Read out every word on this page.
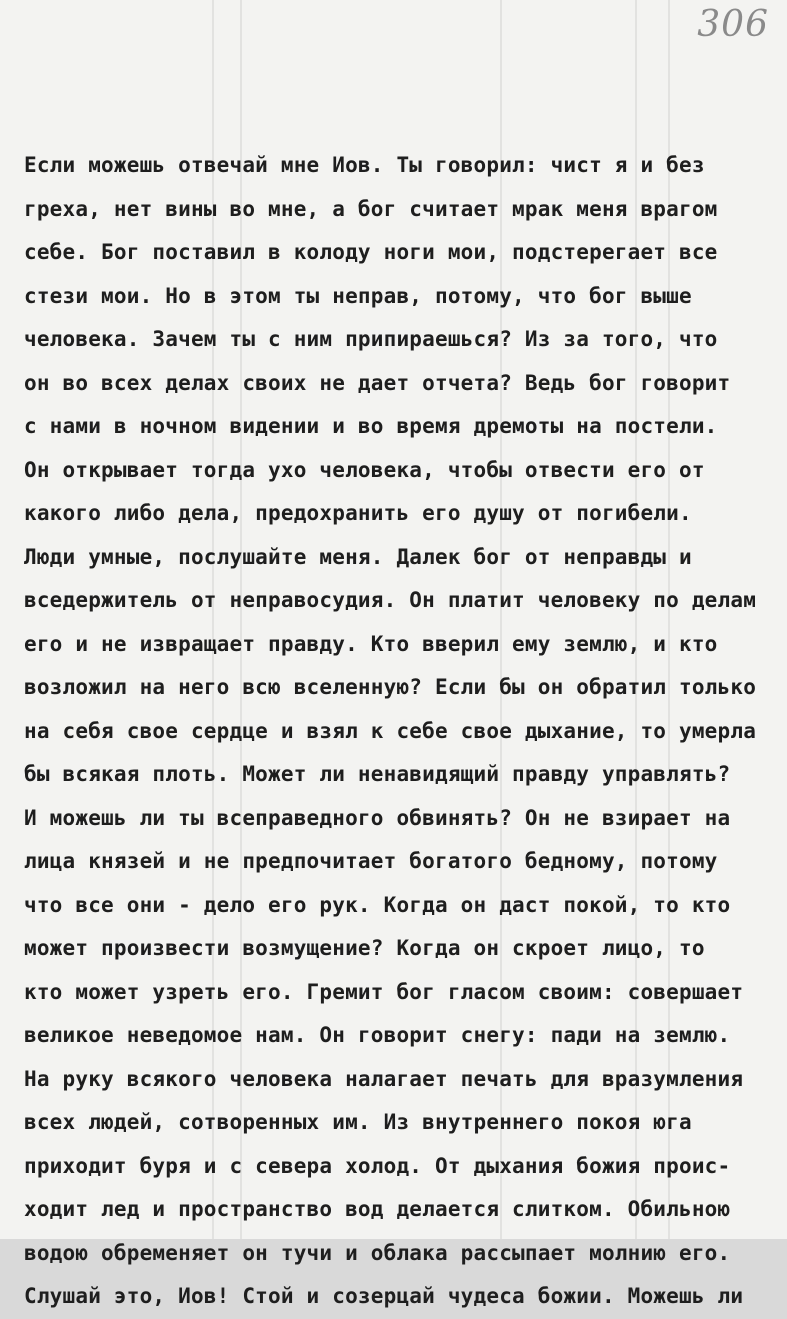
306
Если можешь отвечай мне Иов. Ты говорил: чист я и без
греха, нет вины во мне, а бог считает мрак меня врагом
себе. Бог поставил в колоду ноги мои, подстерегает все
стези мои. Но в этом ты неправ, потому, что бог выше
человека. Зачем ты с ним припираешься? Из за того, что
он во всех делах своих не дает отчета? Ведь бог говорит
с нами в ночном видении и во время дремоты на постели.
Он открывает тогда ухо человека, чтобы отвести его от
какого либо дела, предохранить его душу от погибели.
Люди умные, послушайте меня. Далек бог от неправды и
вседержитель от неправосудия. Он платит человеку по делам
его и не извращает правду. Кто вверил ему землю, и кто
возложил на него всю вселенную? Если бы он обратил только
на себя свое сердце и взял к себе свое дыхание, то умерла
бы всякая плоть. Может ли ненавидящий правду управлять?
И можешь ли ты всеправедного обвинять? Он не взирает на
лица князей и не предпочитает богатого бедному, потому
что все они - дело его рук. Когда он даст покой, то кто
может произвести возмущение? Когда он скроет лицо, то
кто может узреть его. Гремит бог гласом своим: совершает
великое неведомое нам. Он говорит снегу: пади на землю.
На руку всякого человека налагает печать для вразумления
всех людей, сотворенных им. Из внутреннего покоя юга
приходит буря и с севера холод. От дыхания божия проис-
ходит лед и пространство вод делается слитком. Обильною
водою обременяет он тучи и облака рассыпает молнию его.
Слушай это, Иов! Стой и созерцай чудеса божии. Можешь ли
